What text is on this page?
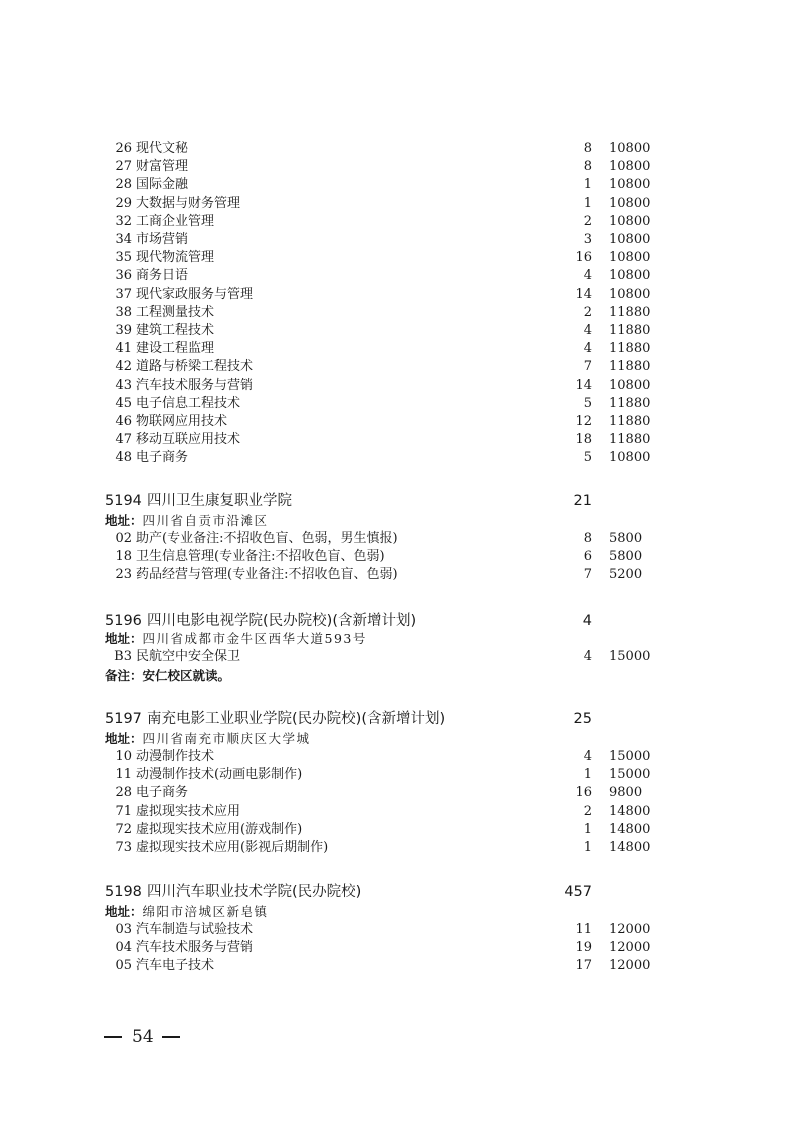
54
26 现代文秘	8 10800
27 财富管理	8 10800
28 国际金融	1 10800
29 大数据与财务管理	1 10800
32 工商企业管理	2 10800
34 市场营销	3 10800
35 现代物流管理	16 10800
36 商务日语	4 10800
37 现代家政服务与管理	14 10800
38 工程测量技术	2 11880
39 建筑工程技术	4 11880
41 建设工程监理	4 11880
42 道路与桥梁工程技术	7 11880
43 汽车技术服务与营销	14 10800
45 电子信息工程技术	5 11880
46 物联网应用技术	12 11880
47 移动互联应用技术	18 11880
48 电子商务	5 10800
5194 四川卫生康复职业学院	21
地址：四川省自贡市沿滩区
02 助产(专业备注:不招收色盲、色弱，男生慎报)	8 5800
18 卫生信息管理(专业备注:不招收色盲、色弱)	6 5800
23 药品经营与管理(专业备注:不招收色盲、色弱)	7 5200
5196 四川电影电视学院(民办院校)(含新增计划)	4
地址：四川省成都市金牛区西华大道593号
B3 民航空中安全保卫	4 15000
备注：安仁校区就读。
5197 南充电影工业职业学院(民办院校)(含新增计划)	25
地址：四川省南充市顺庆区大学城
10 动漫制作技术	4 15000
11 动漫制作技术(动画电影制作)	1 15000
28 电子商务	16 9800
71 虚拟现实技术应用	2 14800
72 虚拟现实技术应用(游戏制作)	1 14800
73 虚拟现实技术应用(影视后期制作)	1 14800
5198 四川汽车职业技术学院(民办院校)	457
地址：绵阳市涪城区新皂镇
03 汽车制造与试验技术	11 12000
04 汽车技术服务与营销	19 12000
05 汽车电子技术	17 12000
